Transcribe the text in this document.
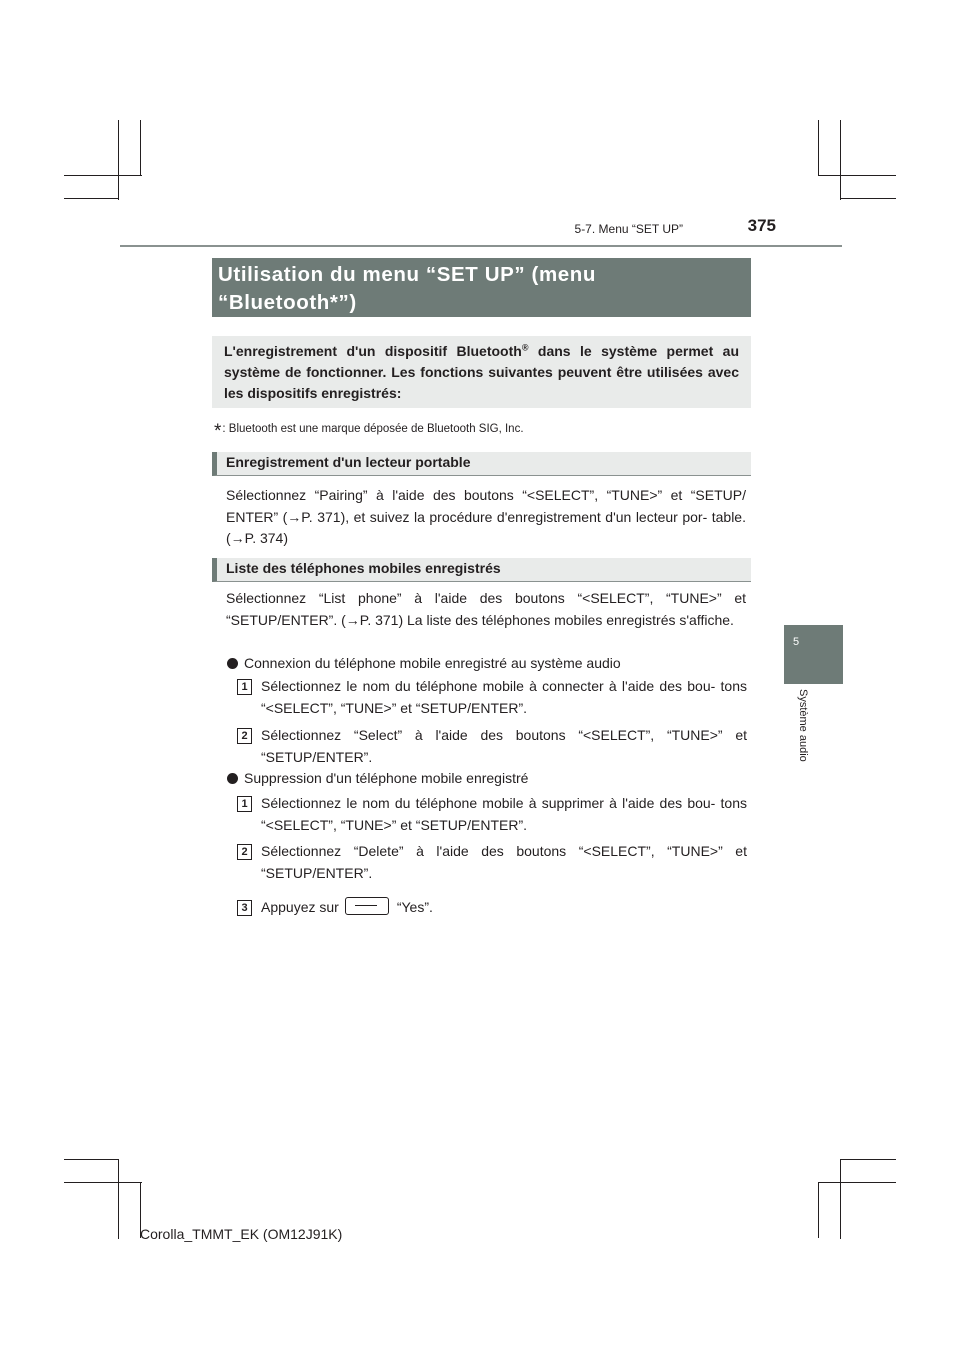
5-7. Menu “SET UP”	375
5
Système audio
Utilisation du menu “SET UP” (menu
“Bluetooth*”)
L'enregistrement d'un dispositif Bluetooth® dans le système permet au système de fonctionner. Les fonctions suivantes peuvent être utilisées avec les dispositifs enregistrés:
*: Bluetooth est une marque déposée de Bluetooth SIG, Inc.
Enregistrement d'un lecteur portable
Sélectionnez “Pairing” à l'aide des boutons “<SELECT”, “TUNE>” et “SETUP/ ENTER” (→P. 371), et suivez la procédure d'enregistrement d'un lecteur por- table. (→P. 374)
Liste des téléphones mobiles enregistrés
Sélectionnez “List phone” à l'aide des boutons “<SELECT”, “TUNE>” et “SETUP/ENTER”. (→P. 371) La liste des téléphones mobiles enregistrés s'affiche.
Connexion du téléphone mobile enregistré au système audio
1 Sélectionnez le nom du téléphone mobile à connecter à l'aide des bou- tons “<SELECT”, “TUNE>” et “SETUP/ENTER”.
2 Sélectionnez “Select” à l'aide des boutons “<SELECT”, “TUNE>” et “SETUP/ENTER”.
Suppression d'un téléphone mobile enregistré
1 Sélectionnez le nom du téléphone mobile à supprimer à l'aide des bou- tons “<SELECT”, “TUNE>” et “SETUP/ENTER”.
2 Sélectionnez “Delete” à l'aide des boutons “<SELECT”, “TUNE>” et “SETUP/ENTER”.
3 Appuyez sur	“Yes”.
Corolla_TMMT_EK (OM12J91K)
